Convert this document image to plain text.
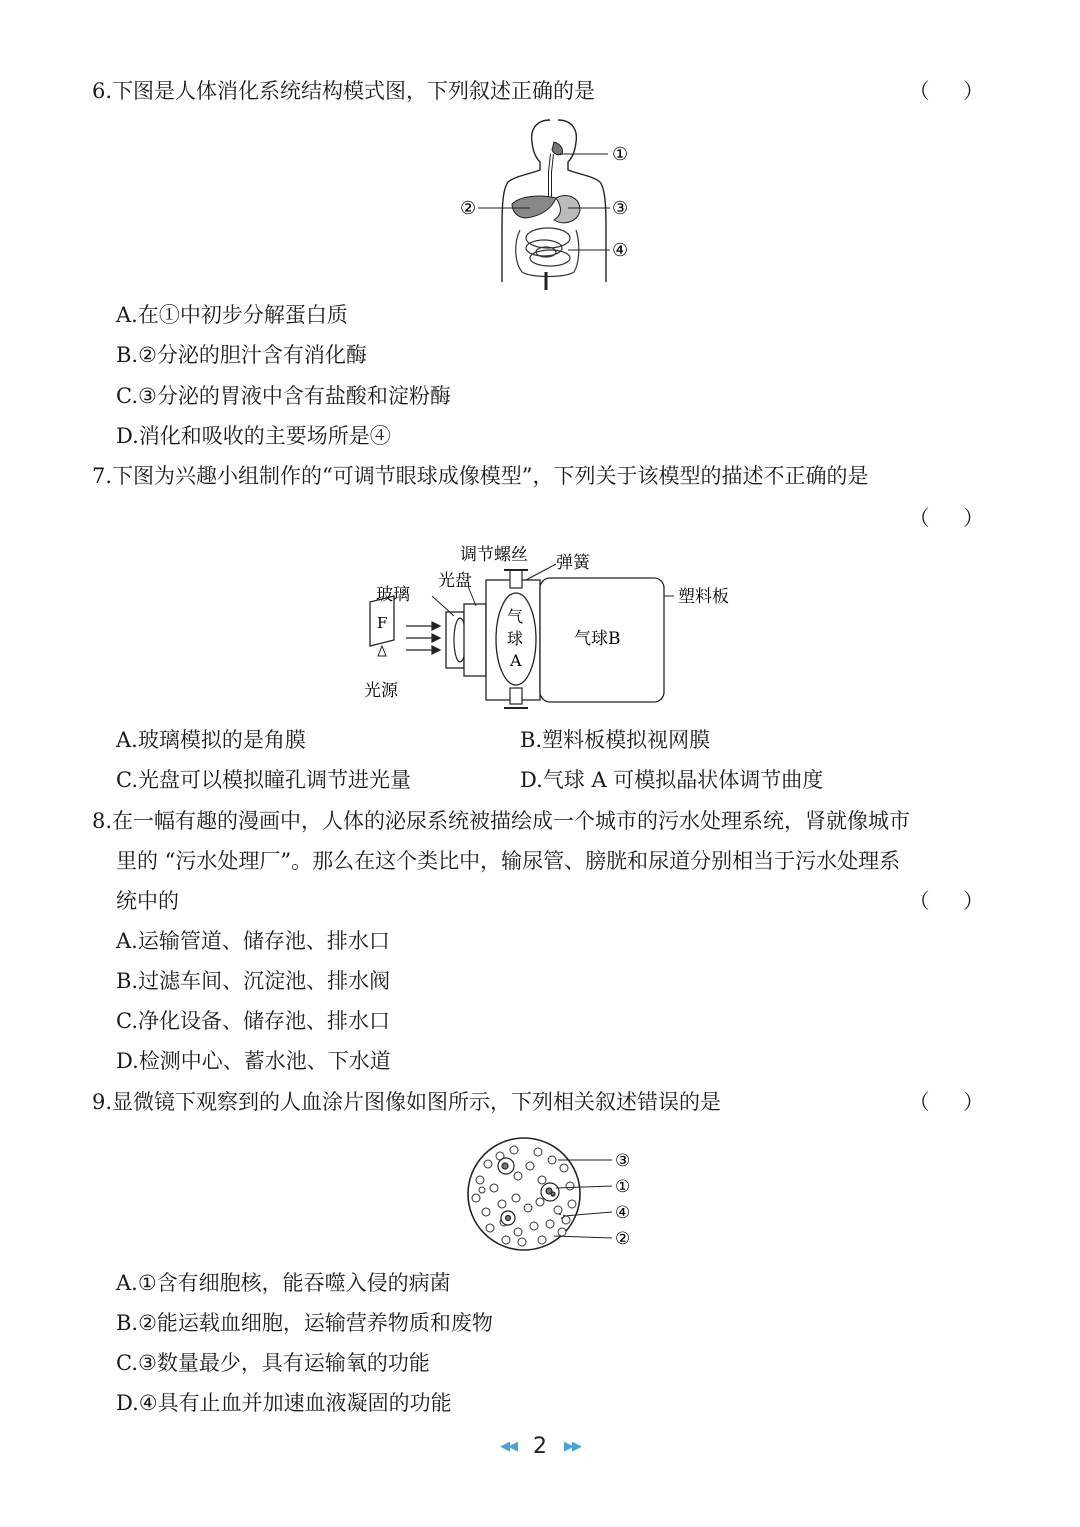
6.下图是人体消化系统结构模式图，下列叙述正确的是	（     ）
①
②	③
④
A.在①中初步分解蛋白质
B.②分泌的胆汁含有消化酶
C.③分泌的胃液中含有盐酸和淀粉酶
D.消化和吸收的主要场所是④
7.下图为兴趣小组制作的“可调节眼球成像模型”，下列关于该模型的描述不正确的是
（     ）
F
光源
玻璃
光盘
气
球
A
调节螺丝 弹簧
气球B
塑料板
A.玻璃模拟的是角膜	B.塑料板模拟视网膜
C.光盘可以模拟瞳孔调节进光量	D.气球 A 可模拟晶状体调节曲度
8.在一幅有趣的漫画中，人体的泌尿系统被描绘成一个城市的污水处理系统，肾就像城市
里的 “污水处理厂”。那么在这个类比中，输尿管、膀胱和尿道分别相当于污水处理系
统中的	（     ）
A.运输管道、储存池、排水口
B.过滤车间、沉淀池、排水阀
C.净化设备、储存池、排水口
D.检测中心、蓄水池、下水道
9.显微镜下观察到的人血涂片图像如图所示，下列相关叙述错误的是	（     ）
③
①
④
②
A.①含有细胞核，能吞噬入侵的病菌
B.②能运载血细胞，运输营养物质和废物
C.③数量最少，具有运输氧的功能
D.④具有止血并加速血液凝固的功能
◀◀ 2 ▶▶
